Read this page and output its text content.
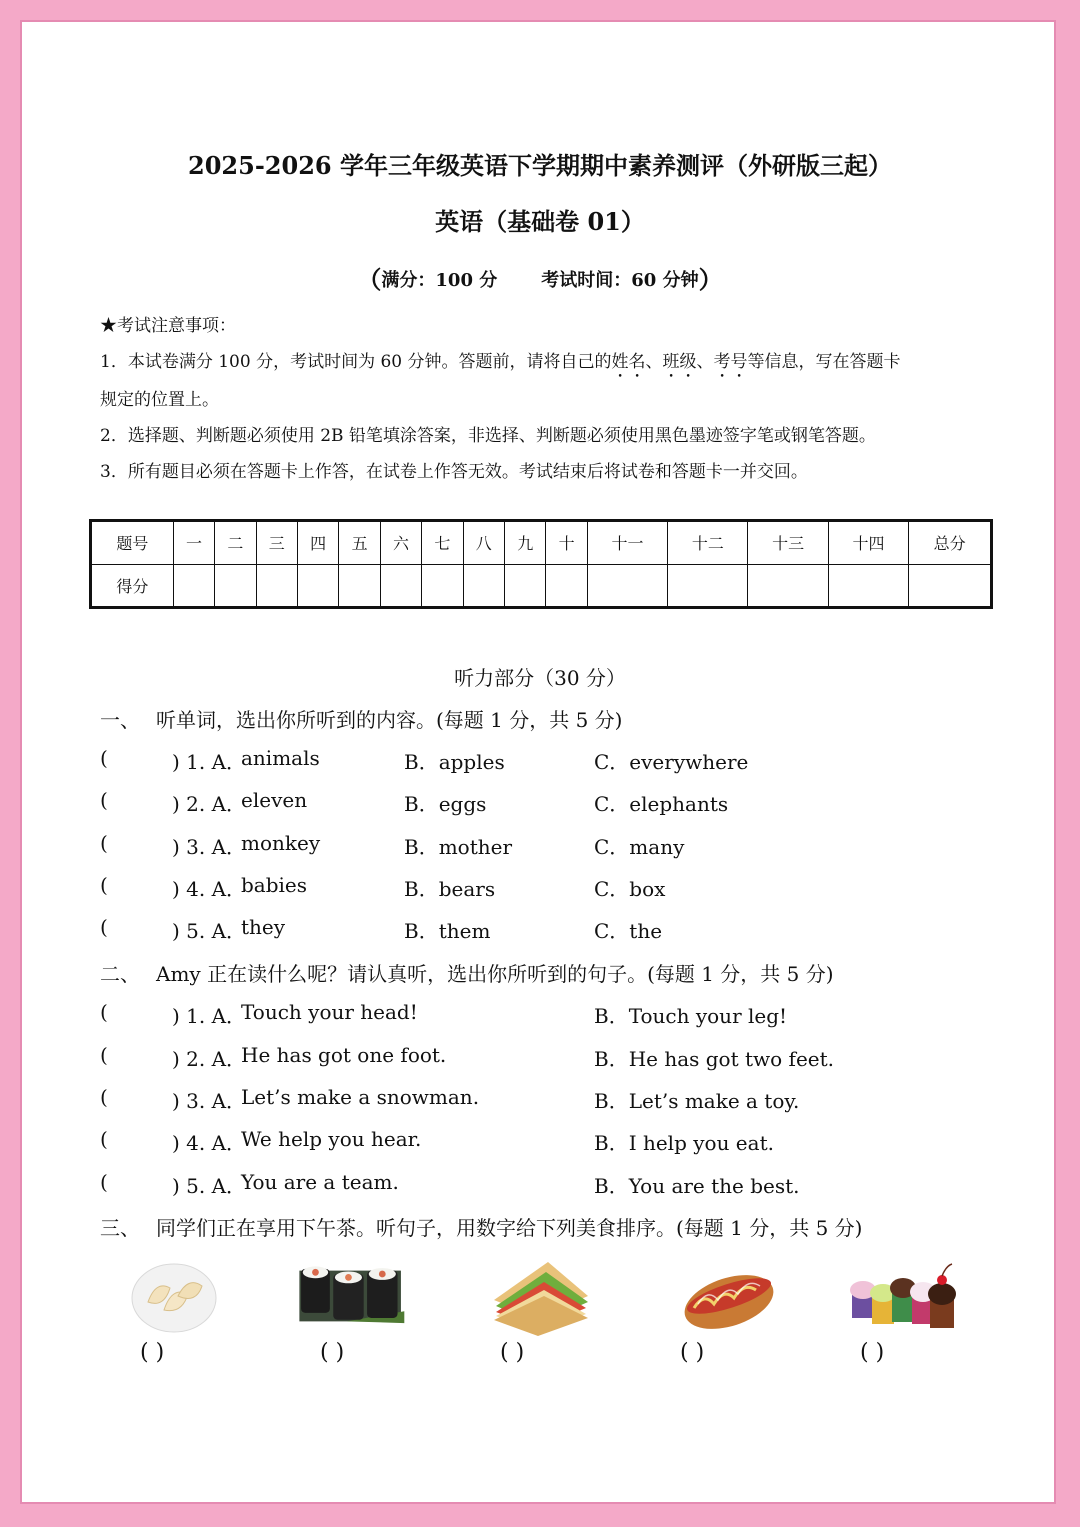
2025-2026 学年三年级英语下学期期中素养测评（外研版三起）
英语（基础卷 01）
（满分：100 分 考试时间：60 分钟）

★考试注意事项：

1．本试卷满分 100 分，考试时间为 60 分钟。答题前，请将自己的姓名、班级、考号等信息，写在答题卡

规定的位置上。

2．选择题、判断题必须使用 2B 铅笔填涂答案，非选择、判断题必须使用黑色墨迹签字笔或钢笔答题。

3．所有题目必须在答题卡上作答，在试卷上作答无效。考试结束后将试卷和答题卡一并交回。

题号	一	二	三	四	五	六	七	八	九	十	十一	十二	十三	十四	总分
得分															
听力部分（30 分）
一、 听单词，选出你所听到的内容。(每题 1 分，共 5 分)
(	) 1. A．
animals	B．apples	C．everywhere
(	) 2. A．
eleven	B．eggs	C．elephants
(	) 3. A．
monkey	B．mother	C．many
(	) 4. A．
babies	B．bears	C．box
(	) 5. A．
they	B．them	C．the
二、 Amy 正在读什么呢？请认真听，选出你所听到的句子。(每题 1 分，共 5 分)
(	) 1. A．
Touch your head!	B．Touch your leg!
(	) 2. A．
He has got one foot.	B．He has got two feet.
(	) 3. A．
Let’s make a snowman.	B．Let’s make a toy.
(	) 4. A．
We help you hear.	B．I help you eat.
(	) 5. A．
You are a team.	B．You are the best.
三、 同学们正在享用下午茶。听句子，用数字给下列美食排序。(每题 1 分，共 5 分)
( )	( )	( )	( )	( )
